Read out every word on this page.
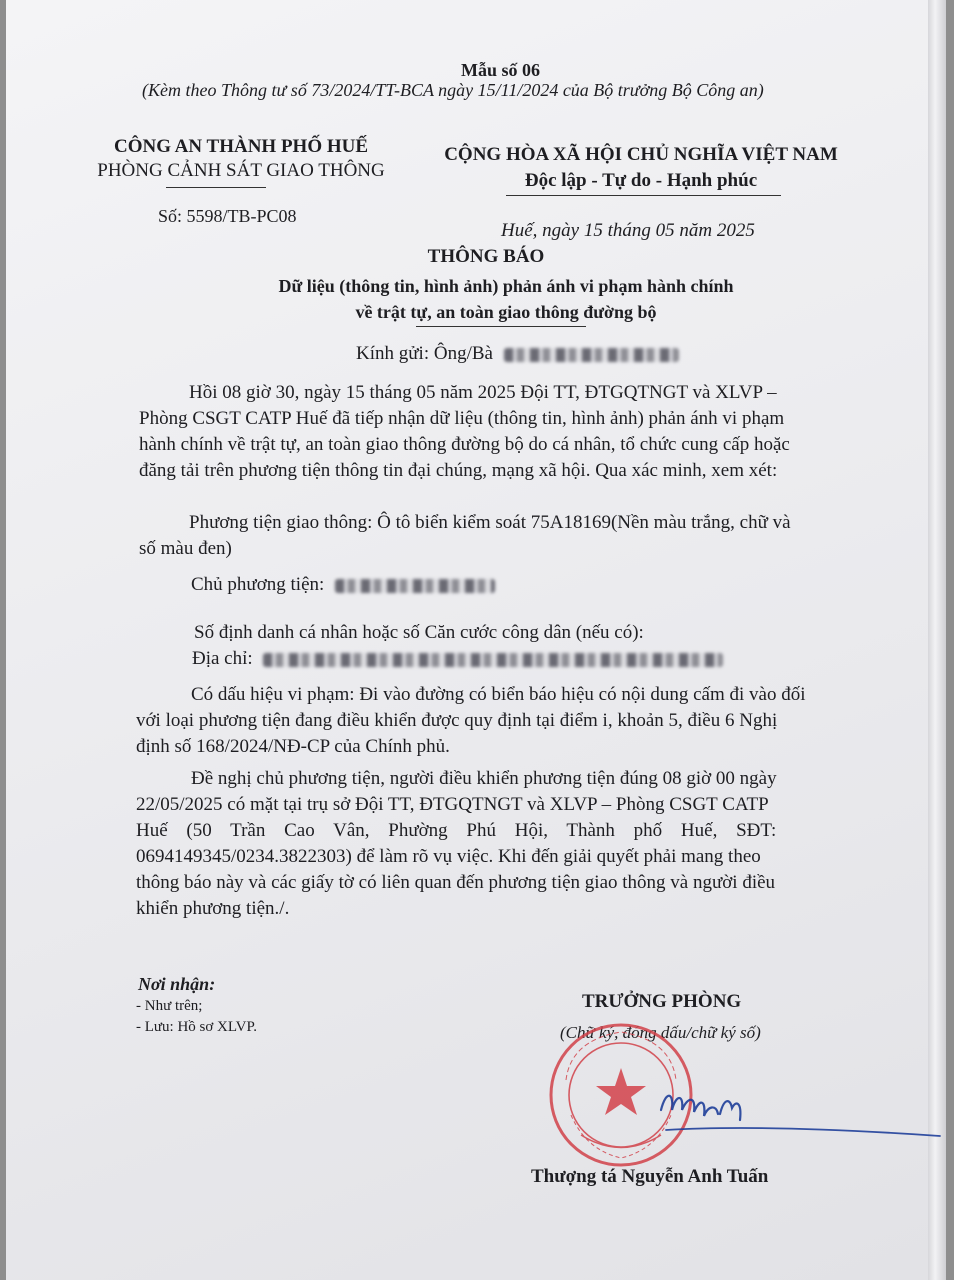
Mẫu số 06
(Kèm theo Thông tư số 73/2024/TT-BCA ngày 15/11/2024 của Bộ trưởng Bộ Công an)
CÔNG AN THÀNH PHỐ HUẾ
PHÒNG CẢNH SÁT GIAO THÔNG
Số: 5598/TB-PC08
CỘNG HÒA XÃ HỘI CHỦ NGHĨA VIỆT NAM
Độc lập - Tự do - Hạnh phúc
Huế, ngày 15 tháng 05 năm 2025
THÔNG BÁO
Dữ liệu (thông tin, hình ảnh) phản ánh vi phạm hành chính
về trật tự, an toàn giao thông đường bộ
Kính gửi: Ông/Bà
Hồi 08 giờ 30, ngày 15 tháng 05 năm 2025 Đội TT, ĐTGQTNGT và XLVP –
Phòng CSGT CATP Huế đã tiếp nhận dữ liệu (thông tin, hình ảnh) phản ánh vi phạm
hành chính về trật tự, an toàn giao thông đường bộ do cá nhân, tổ chức cung cấp hoặc
đăng tải trên phương tiện thông tin đại chúng, mạng xã hội. Qua xác minh, xem xét:
Phương tiện giao thông: Ô tô biển kiểm soát 75A18169(Nền màu trắng, chữ và
số màu đen)
Chủ phương tiện:
Số định danh cá nhân hoặc số Căn cước công dân (nếu có):
Địa chỉ:
Có dấu hiệu vi phạm: Đi vào đường có biển báo hiệu có nội dung cấm đi vào đối
với loại phương tiện đang điều khiển được quy định tại điểm i, khoản 5, điều 6 Nghị
định số 168/2024/NĐ-CP của Chính phủ.
Đề nghị chủ phương tiện, người điều khiển phương tiện đúng 08 giờ 00 ngày
22/05/2025 có mặt tại trụ sở Đội TT, ĐTGQTNGT và XLVP – Phòng CSGT CATP
Huế (50 Trần Cao Vân, Phường Phú Hội, Thành phố Huế, SĐT:
0694149345/0234.3822303) để làm rõ vụ việc. Khi đến giải quyết phải mang theo
thông báo này và các giấy tờ có liên quan đến phương tiện giao thông và người điều
khiển phương tiện./.
Nơi nhận:
- Như trên;
- Lưu: Hồ sơ XLVP.
TRƯỞNG PHÒNG
(Chữ ký, đóng dấu/chữ ký số)
Thượng tá Nguyễn Anh Tuấn
